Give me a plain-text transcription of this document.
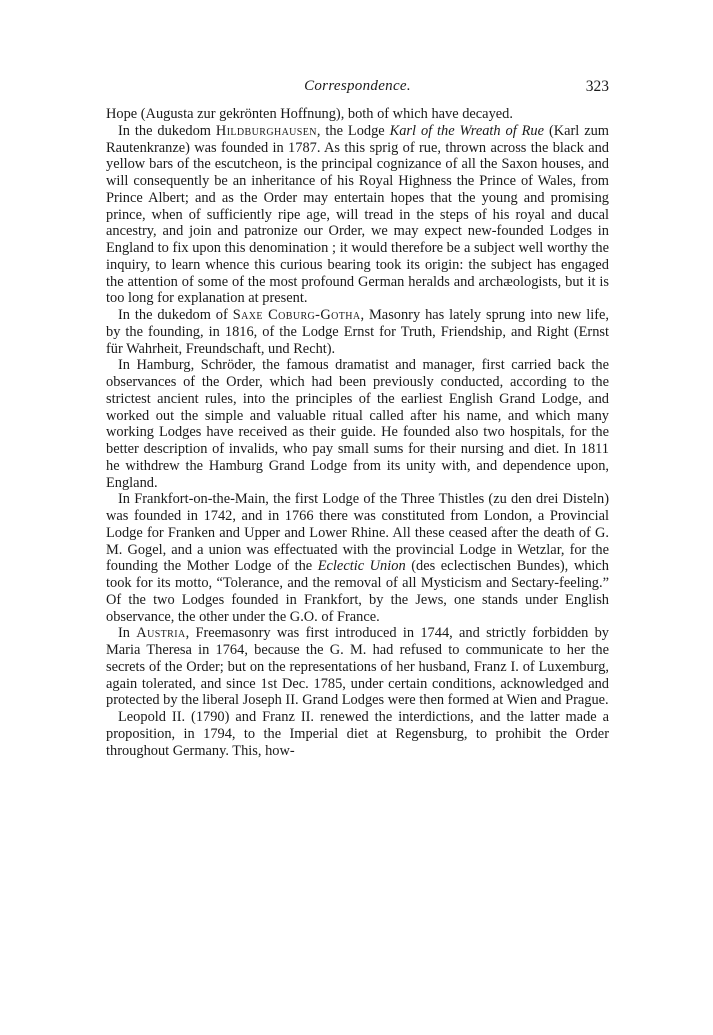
Correspondence.	323

Hope (Augusta zur gekrönten Hoffnung), both of which have decayed.

In the dukedom Hildburghausen, the Lodge Karl of the Wreath of Rue (Karl zum Rautenkranze) was founded in 1787. As this sprig of rue, thrown across the black and yellow bars of the escutcheon, is the principal cognizance of all the Saxon houses, and will consequently be an inheritance of his Royal Highness the Prince of Wales, from Prince Albert; and as the Order may entertain hopes that the young and promising prince, when of sufficiently ripe age, will tread in the steps of his royal and ducal ancestry, and join and patronize our Order, we may expect new-founded Lodges in England to fix upon this denomination ; it would therefore be a subject well worthy the inquiry, to learn whence this curious bearing took its origin: the subject has engaged the attention of some of the most profound German heralds and archæologists, but it is too long for explanation at present.

In the dukedom of Saxe Coburg-Gotha, Masonry has lately sprung into new life, by the founding, in 1816, of the Lodge Ernst for Truth, Friendship, and Right (Ernst für Wahrheit, Freundschaft, und Recht).

In Hamburg, Schröder, the famous dramatist and manager, first carried back the observances of the Order, which had been previously conducted, according to the strictest ancient rules, into the principles of the earliest English Grand Lodge, and worked out the simple and valuable ritual called after his name, and which many working Lodges have received as their guide. He founded also two hospitals, for the better description of invalids, who pay small sums for their nursing and diet. In 1811 he withdrew the Hamburg Grand Lodge from its unity with, and dependence upon, England.

In Frankfort-on-the-Main, the first Lodge of the Three Thistles (zu den drei Disteln) was founded in 1742, and in 1766 there was constituted from London, a Provincial Lodge for Franken and Upper and Lower Rhine. All these ceased after the death of G. M. Gogel, and a union was effectuated with the provincial Lodge in Wetzlar, for the founding the Mother Lodge of the Eclectic Union (des eclectischen Bundes), which took for its motto, “Tolerance, and the removal of all Mysticism and Sectary-feeling.” Of the two Lodges founded in Frankfort, by the Jews, one stands under English observance, the other under the G.O. of France.

In Austria, Freemasonry was first introduced in 1744, and strictly forbidden by Maria Theresa in 1764, because the G. M. had refused to communicate to her the secrets of the Order; but on the representations of her husband, Franz I. of Luxemburg, again tolerated, and since 1st Dec. 1785, under certain conditions, acknowledged and protected by the liberal Joseph II. Grand Lodges were then formed at Wien and Prague.

Leopold II. (1790) and Franz II. renewed the interdictions, and the latter made a proposition, in 1794, to the Imperial diet at Regensburg, to prohibit the Order throughout Germany. This, how-
